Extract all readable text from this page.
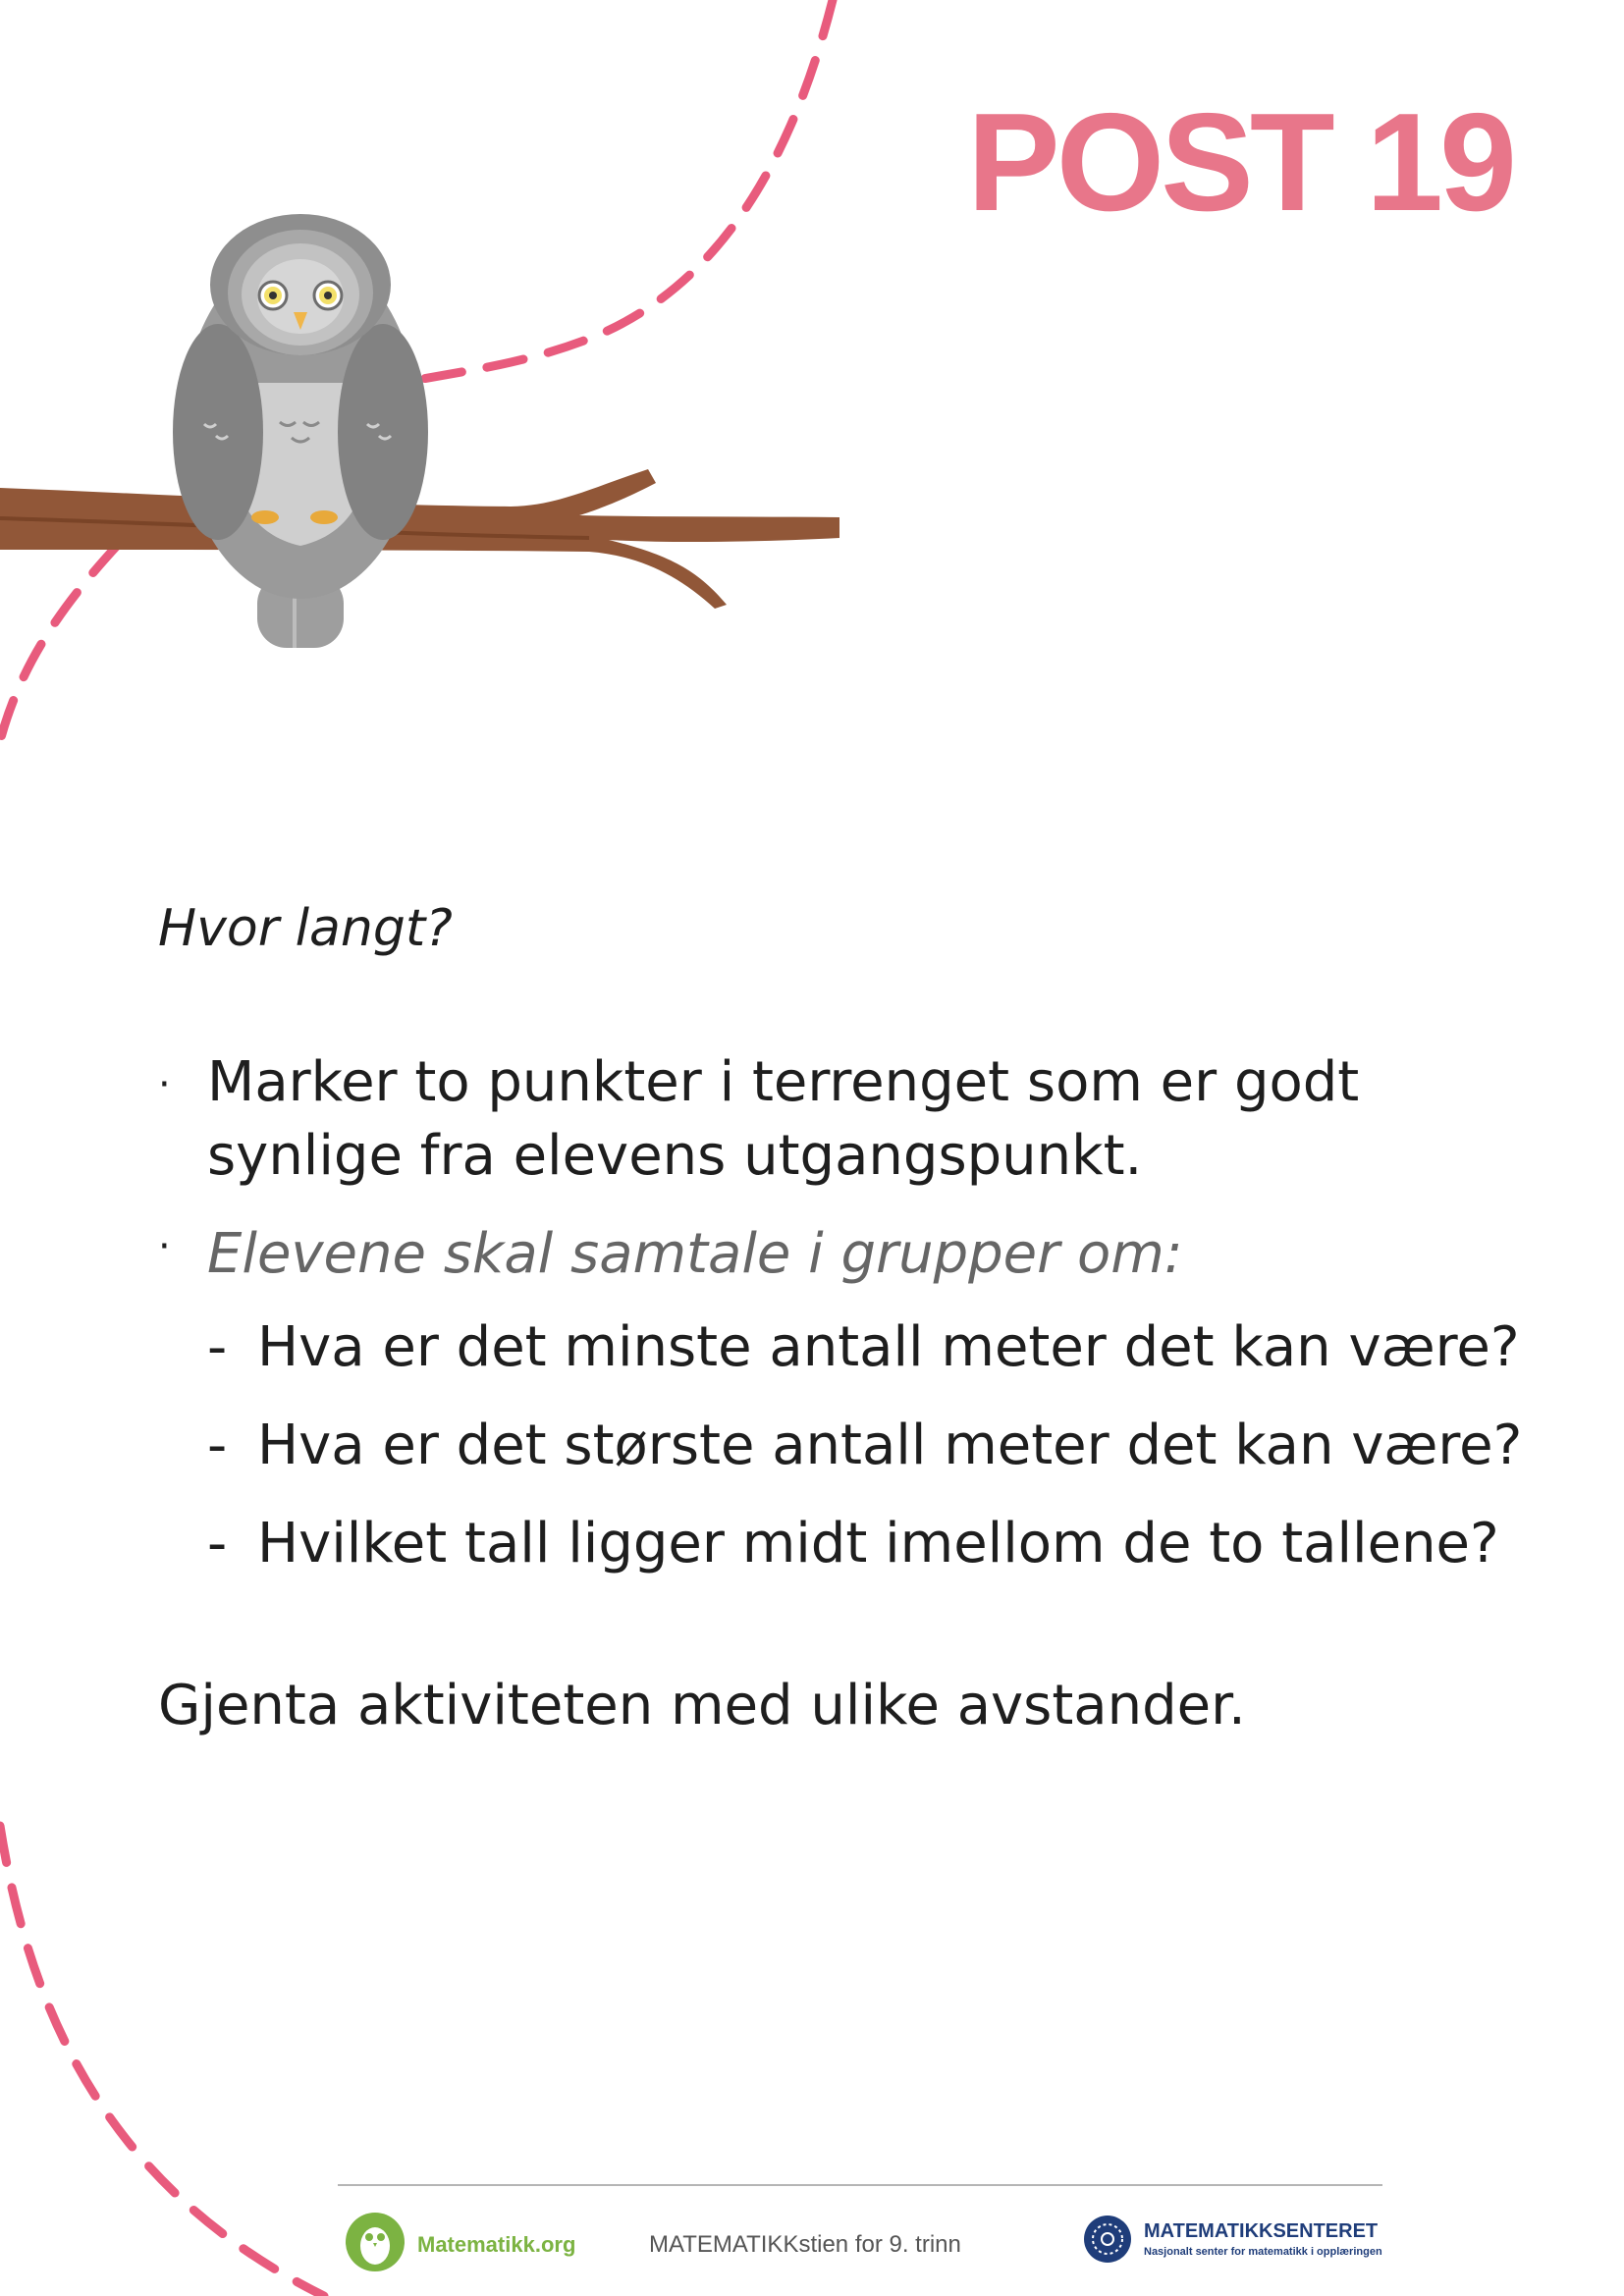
POST 19
Hvor langt?
· Marker to punkter i terrenget som er godt
synlige fra elevens utgangspunkt.
· Elevene skal samtale i grupper om:
- Hva er det minste antall meter det kan være?
- Hva er det største antall meter det kan være?
- Hvilket tall ligger midt imellom de to tallene?
Gjenta aktiviteten med ulike avstander.
Matematikk.org	MATEMATIKKstien for 9. trinn	MATEMATIKKSENTERET
Nasjonalt senter for matematikk i opplæringen
